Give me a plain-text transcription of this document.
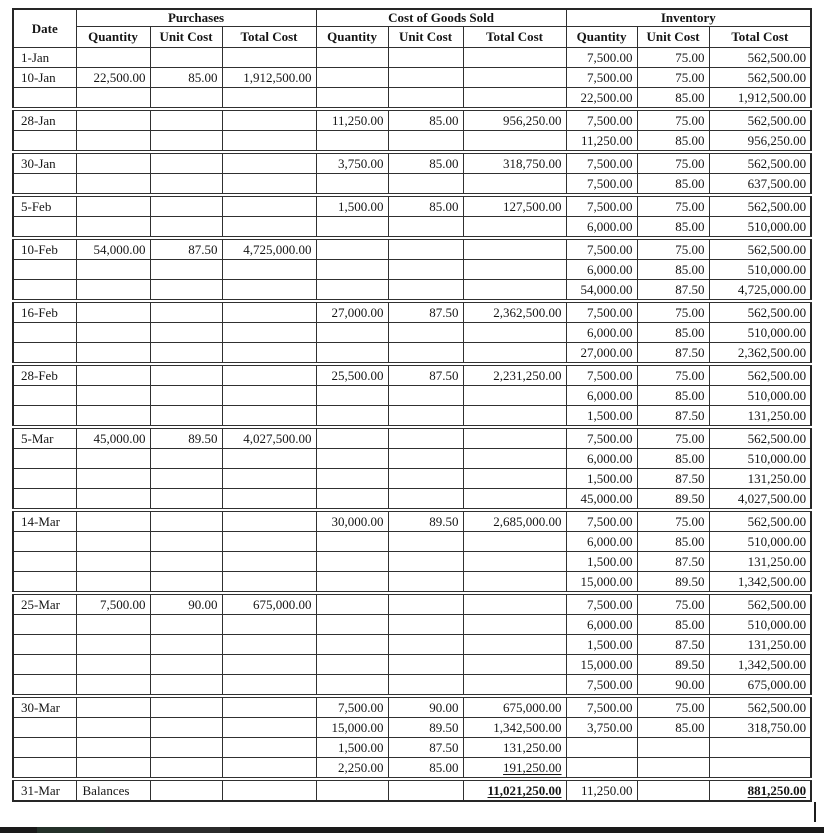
Date	Purchases			Cost of Goods Sold			Inventory		
	Quantity	Unit Cost	Total Cost	Quantity	Unit Cost	Total Cost	Quantity	Unit Cost	Total Cost
1-Jan							7,500.00	75.00	562,500.00
10-Jan	22,500.00	85.00	1,912,500.00				7,500.00	75.00	562,500.00
							22,500.00	85.00	1,912,500.00
28-Jan				11,250.00	85.00	956,250.00	7,500.00	75.00	562,500.00
							11,250.00	85.00	956,250.00
30-Jan				3,750.00	85.00	318,750.00	7,500.00	75.00	562,500.00
							7,500.00	85.00	637,500.00
5-Feb				1,500.00	85.00	127,500.00	7,500.00	75.00	562,500.00
							6,000.00	85.00	510,000.00
10-Feb	54,000.00	87.50	4,725,000.00				7,500.00	75.00	562,500.00
							6,000.00	85.00	510,000.00
							54,000.00	87.50	4,725,000.00
16-Feb				27,000.00	87.50	2,362,500.00	7,500.00	75.00	562,500.00
							6,000.00	85.00	510,000.00
							27,000.00	87.50	2,362,500.00
28-Feb				25,500.00	87.50	2,231,250.00	7,500.00	75.00	562,500.00
							6,000.00	85.00	510,000.00
							1,500.00	87.50	131,250.00
5-Mar	45,000.00	89.50	4,027,500.00				7,500.00	75.00	562,500.00
							6,000.00	85.00	510,000.00
							1,500.00	87.50	131,250.00
							45,000.00	89.50	4,027,500.00
14-Mar				30,000.00	89.50	2,685,000.00	7,500.00	75.00	562,500.00
							6,000.00	85.00	510,000.00
							1,500.00	87.50	131,250.00
							15,000.00	89.50	1,342,500.00
25-Mar	7,500.00	90.00	675,000.00				7,500.00	75.00	562,500.00
							6,000.00	85.00	510,000.00
							1,500.00	87.50	131,250.00
							15,000.00	89.50	1,342,500.00
							7,500.00	90.00	675,000.00
30-Mar				7,500.00	90.00	675,000.00	7,500.00	75.00	562,500.00
				15,000.00	89.50	1,342,500.00	3,750.00	85.00	318,750.00
				1,500.00	87.50	131,250.00			
				2,250.00	85.00	191,250.00			
31-Mar	Balances					11,021,250.00	11,250.00		881,250.00
